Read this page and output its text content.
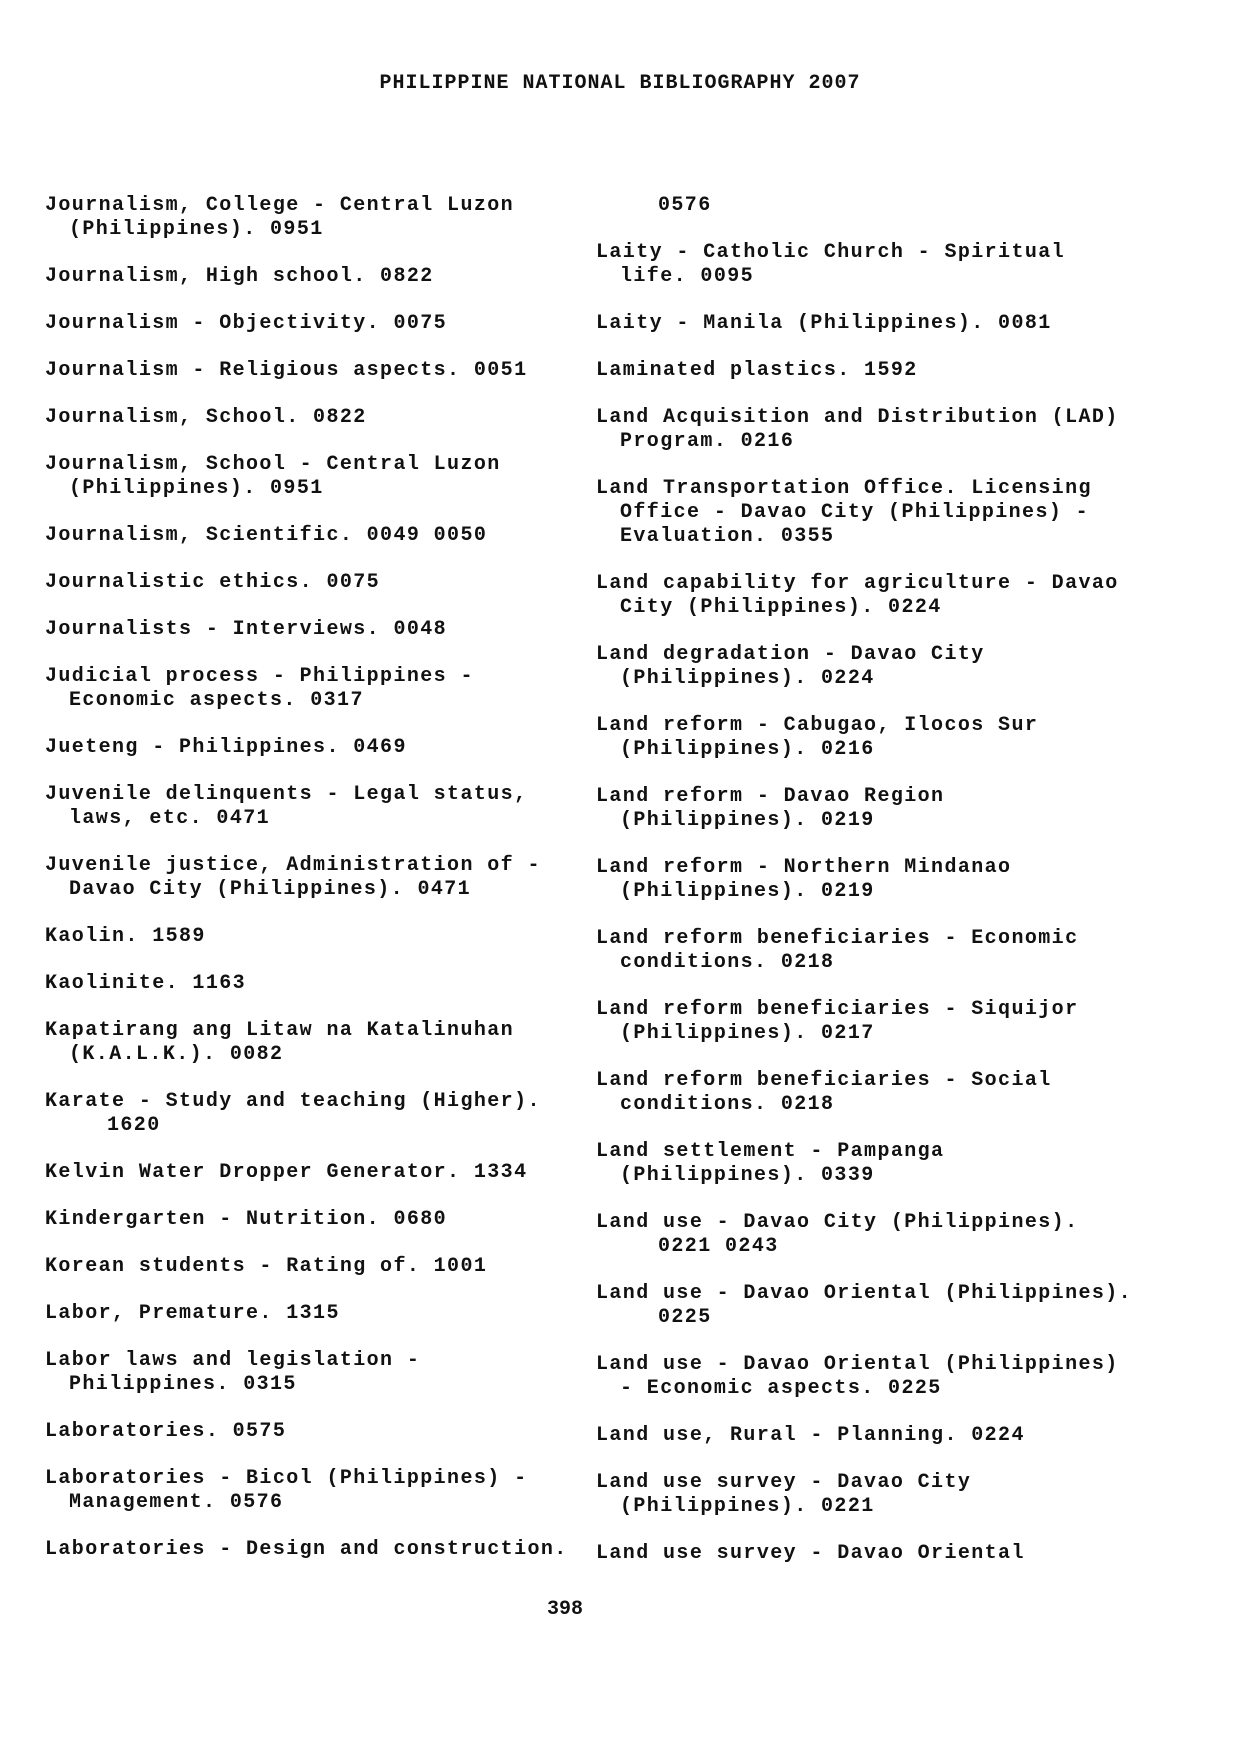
PHILIPPINE NATIONAL BIBLIOGRAPHY 2007
Journalism, College - Central Luzon
(Philippines). 0951
Journalism, High school. 0822
Journalism - Objectivity. 0075
Journalism - Religious aspects. 0051
Journalism, School. 0822
Journalism, School - Central Luzon
(Philippines). 0951
Journalism, Scientific. 0049 0050
Journalistic ethics. 0075
Journalists - Interviews. 0048
Judicial process - Philippines -
Economic aspects. 0317
Jueteng - Philippines. 0469
Juvenile delinquents - Legal status,
laws, etc. 0471
Juvenile justice, Administration of -
Davao City (Philippines). 0471
Kaolin. 1589
Kaolinite. 1163
Kapatirang ang Litaw na Katalinuhan
(K.A.L.K.). 0082
Karate - Study and teaching (Higher).
1620
Kelvin Water Dropper Generator. 1334
Kindergarten - Nutrition. 0680
Korean students - Rating of. 1001
Labor, Premature. 1315
Labor laws and legislation -
Philippines. 0315
Laboratories. 0575
Laboratories - Bicol (Philippines) -
Management. 0576
Laboratories - Design and construction.
0576
Laity - Catholic Church - Spiritual
life. 0095
Laity - Manila (Philippines). 0081
Laminated plastics. 1592
Land Acquisition and Distribution (LAD)
Program. 0216
Land Transportation Office. Licensing
Office - Davao City (Philippines) -
Evaluation. 0355
Land capability for agriculture - Davao
City (Philippines). 0224
Land degradation - Davao City
(Philippines). 0224
Land reform - Cabugao, Ilocos Sur
(Philippines). 0216
Land reform - Davao Region
(Philippines). 0219
Land reform - Northern Mindanao
(Philippines). 0219
Land reform beneficiaries - Economic
conditions. 0218
Land reform beneficiaries - Siquijor
(Philippines). 0217
Land reform beneficiaries - Social
conditions. 0218
Land settlement - Pampanga
(Philippines). 0339
Land use - Davao City (Philippines).
0221 0243
Land use - Davao Oriental (Philippines).
0225
Land use - Davao Oriental (Philippines)
- Economic aspects. 0225
Land use, Rural - Planning. 0224
Land use survey - Davao City
(Philippines). 0221
Land use survey - Davao Oriental
398
